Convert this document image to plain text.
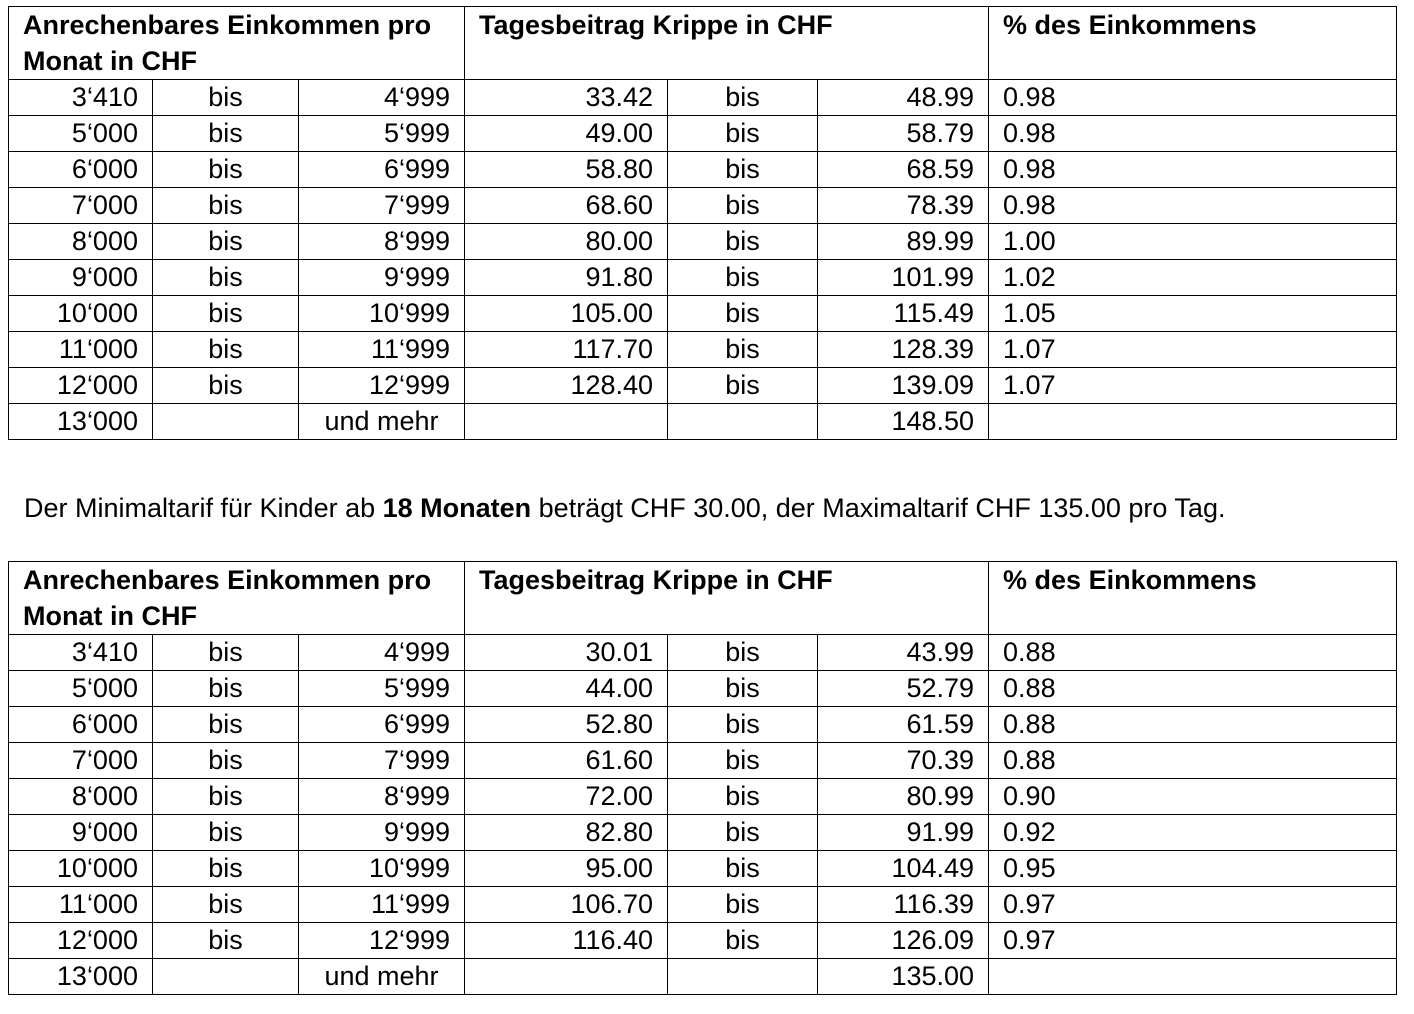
Anrechenbares Einkommen pro Monat in CHF			Tagesbeitrag Krippe in CHF			% des Einkommens
3‘410	bis	4‘999	33.42	bis	48.99	0.98
5‘000	bis	5‘999	49.00	bis	58.79	0.98
6‘000	bis	6‘999	58.80	bis	68.59	0.98
7‘000	bis	7‘999	68.60	bis	78.39	0.98
8‘000	bis	8‘999	80.00	bis	89.99	1.00
9‘000	bis	9‘999	91.80	bis	101.99	1.02
10‘000	bis	10‘999	105.00	bis	115.49	1.05
11‘000	bis	11‘999	117.70	bis	128.39	1.07
12‘000	bis	12‘999	128.40	bis	139.09	1.07
13‘000		und mehr			148.50	

Der Minimaltarif für Kinder ab 18 Monaten beträgt CHF 30.00, der Maximaltarif CHF 135.00 pro Tag.

Anrechenbares Einkommen pro Monat in CHF			Tagesbeitrag Krippe in CHF			% des Einkommens
3‘410	bis	4‘999	30.01	bis	43.99	0.88
5‘000	bis	5‘999	44.00	bis	52.79	0.88
6‘000	bis	6‘999	52.80	bis	61.59	0.88
7‘000	bis	7‘999	61.60	bis	70.39	0.88
8‘000	bis	8‘999	72.00	bis	80.99	0.90
9‘000	bis	9‘999	82.80	bis	91.99	0.92
10‘000	bis	10‘999	95.00	bis	104.49	0.95
11‘000	bis	11‘999	106.70	bis	116.39	0.97
12‘000	bis	12‘999	116.40	bis	126.09	0.97
13‘000		und mehr			135.00	
